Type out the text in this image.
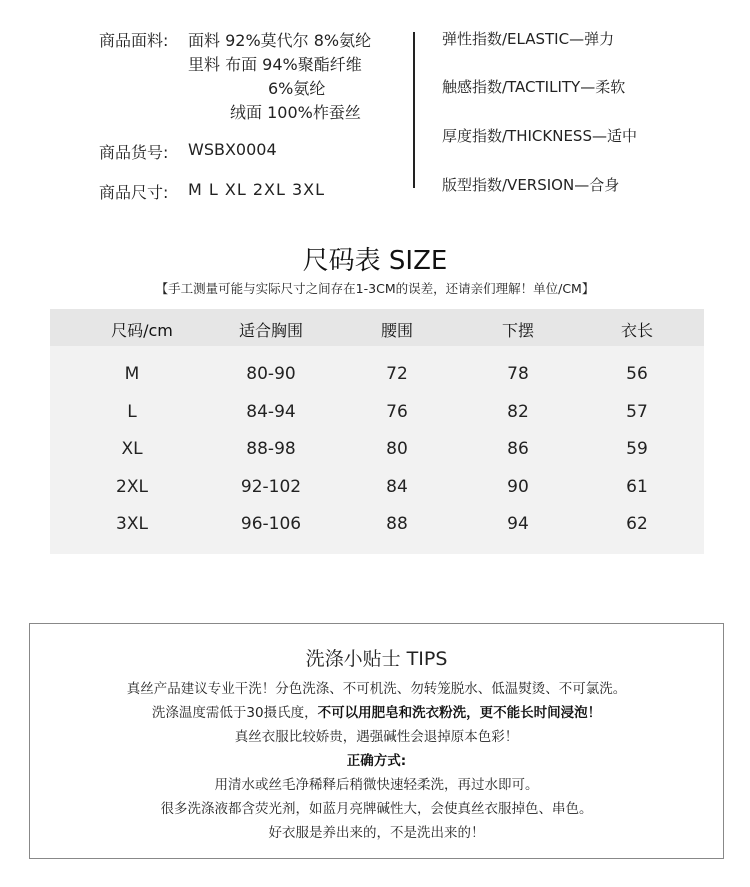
商品面料: 面料 92%莫代尔 8%氨纶
里料 布面 94%聚酯纤维
6%氨纶
绒面 100%柞蚕丝
商品货号: WSBX0004
商品尺寸: M L XL 2XL 3XL
弹性指数/ELASTIC—弹力
触感指数/TACTILITY—柔软
厚度指数/THICKNESS—适中
版型指数/VERSION—合身
尺码表 SIZE
【手工测量可能与实际尺寸之间存在1-3CM的误差，还请亲们理解！单位/CM】
尺码/cm	适合胸围	腰围	下摆	衣长
M	80-90	72	78	56
L	84-94	76	82	57
XL	88-98	80	86	59
2XL	92-102	84	90	61
3XL	96-106	88	94	62
洗涤小贴士 TIPS
真丝产品建议专业干洗！分色洗涤、不可机洗、勿转笼脱水、低温熨烫、不可氯洗。
洗涤温度需低于30摄氏度，不可以用肥皂和洗衣粉洗，更不能长时间浸泡！
真丝衣服比较娇贵，遇强碱性会退掉原本色彩！
正确方式:
用清水或丝毛净稀释后稍微快速轻柔洗，再过水即可。
很多洗涤液都含荧光剂，如蓝月亮牌碱性大，会使真丝衣服掉色、串色。
好衣服是养出来的，不是洗出来的！
